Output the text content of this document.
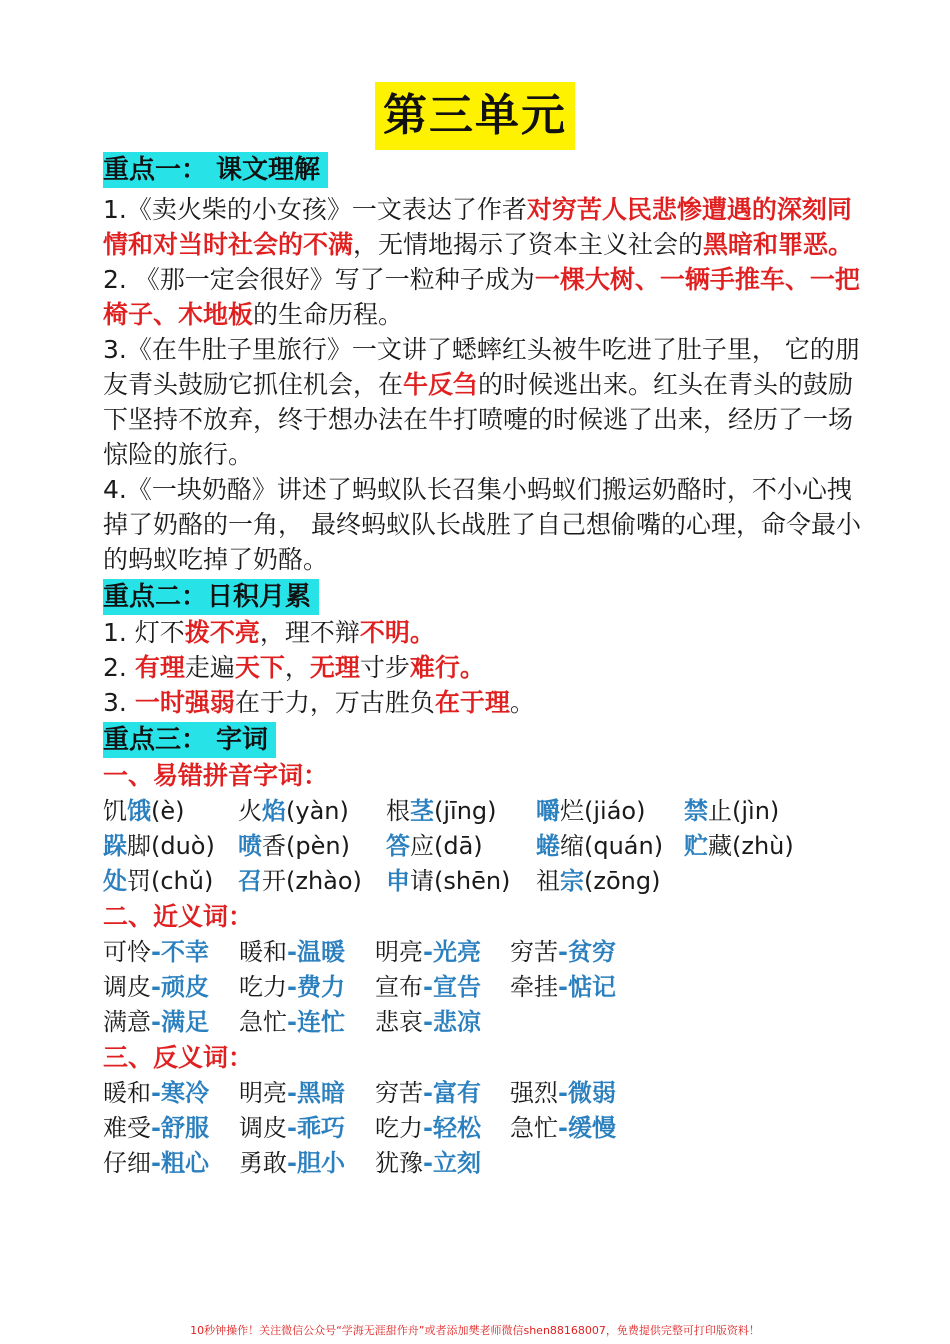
第三单元
重点一： 课文理解

1.《卖火柴的小女孩》一文表达了作者对穷苦人民悲惨遭遇的深刻同情和对当时社会的不满，无情地揭示了资本主义社会的黑暗和罪恶。

2. 《那一定会很好》写了一粒种子成为一棵大树、一辆手推车、一把椅子、木地板的生命历程。

3.《在牛肚子里旅行》一文讲了蟋蟀红头被牛吃进了肚子里， 它的朋友青头鼓励它抓住机会，在牛反刍的时候逃出来。红头在青头的鼓励下坚持不放弃，终于想办法在牛打喷嚏的时候逃了出来，经历了一场惊险的旅行。

4.《一块奶酪》讲述了蚂蚁队长召集小蚂蚁们搬运奶酪时，不小心拽掉了奶酪的一角， 最终蚂蚁队长战胜了自己想偷嘴的心理，命令最小的蚂蚁吃掉了奶酪。

重点二：日积月累

1. 灯不拨不亮，理不辩不明。

2. 有理走遍天下，无理寸步难行。

3. 一时强弱在于力，万古胜负在于理。

重点三： 字词

一、易错拼音字词：

饥饿(è)	火焰(yàn)	根茎(jīng)	嚼烂(jiáo)	禁止(jìn)
跺脚(duò) 喷香(pèn)	答应(dā)	蜷缩(quán) 贮藏(zhù)
处罚(chǔ)	召开(zhào)	申请(shēn)	祖宗(zōng)

二、近义词：

可怜-不幸	暖和-温暖	明亮-光亮	穷苦-贫穷
调皮-顽皮	吃力-费力	宣布-宣告	牵挂-惦记
满意-满足	急忙-连忙	悲哀-悲凉

三、反义词：

暖和-寒冷	明亮-黑暗	穷苦-富有	强烈-微弱
难受-舒服	调皮-乖巧	吃力-轻松	急忙-缓慢
仔细-粗心	勇敢-胆小	犹豫-立刻
10秒钟操作！关注微信公众号“学海无涯甜作舟”或者添加樊老师微信shen88168007，免费提供完整可打印版资料！
